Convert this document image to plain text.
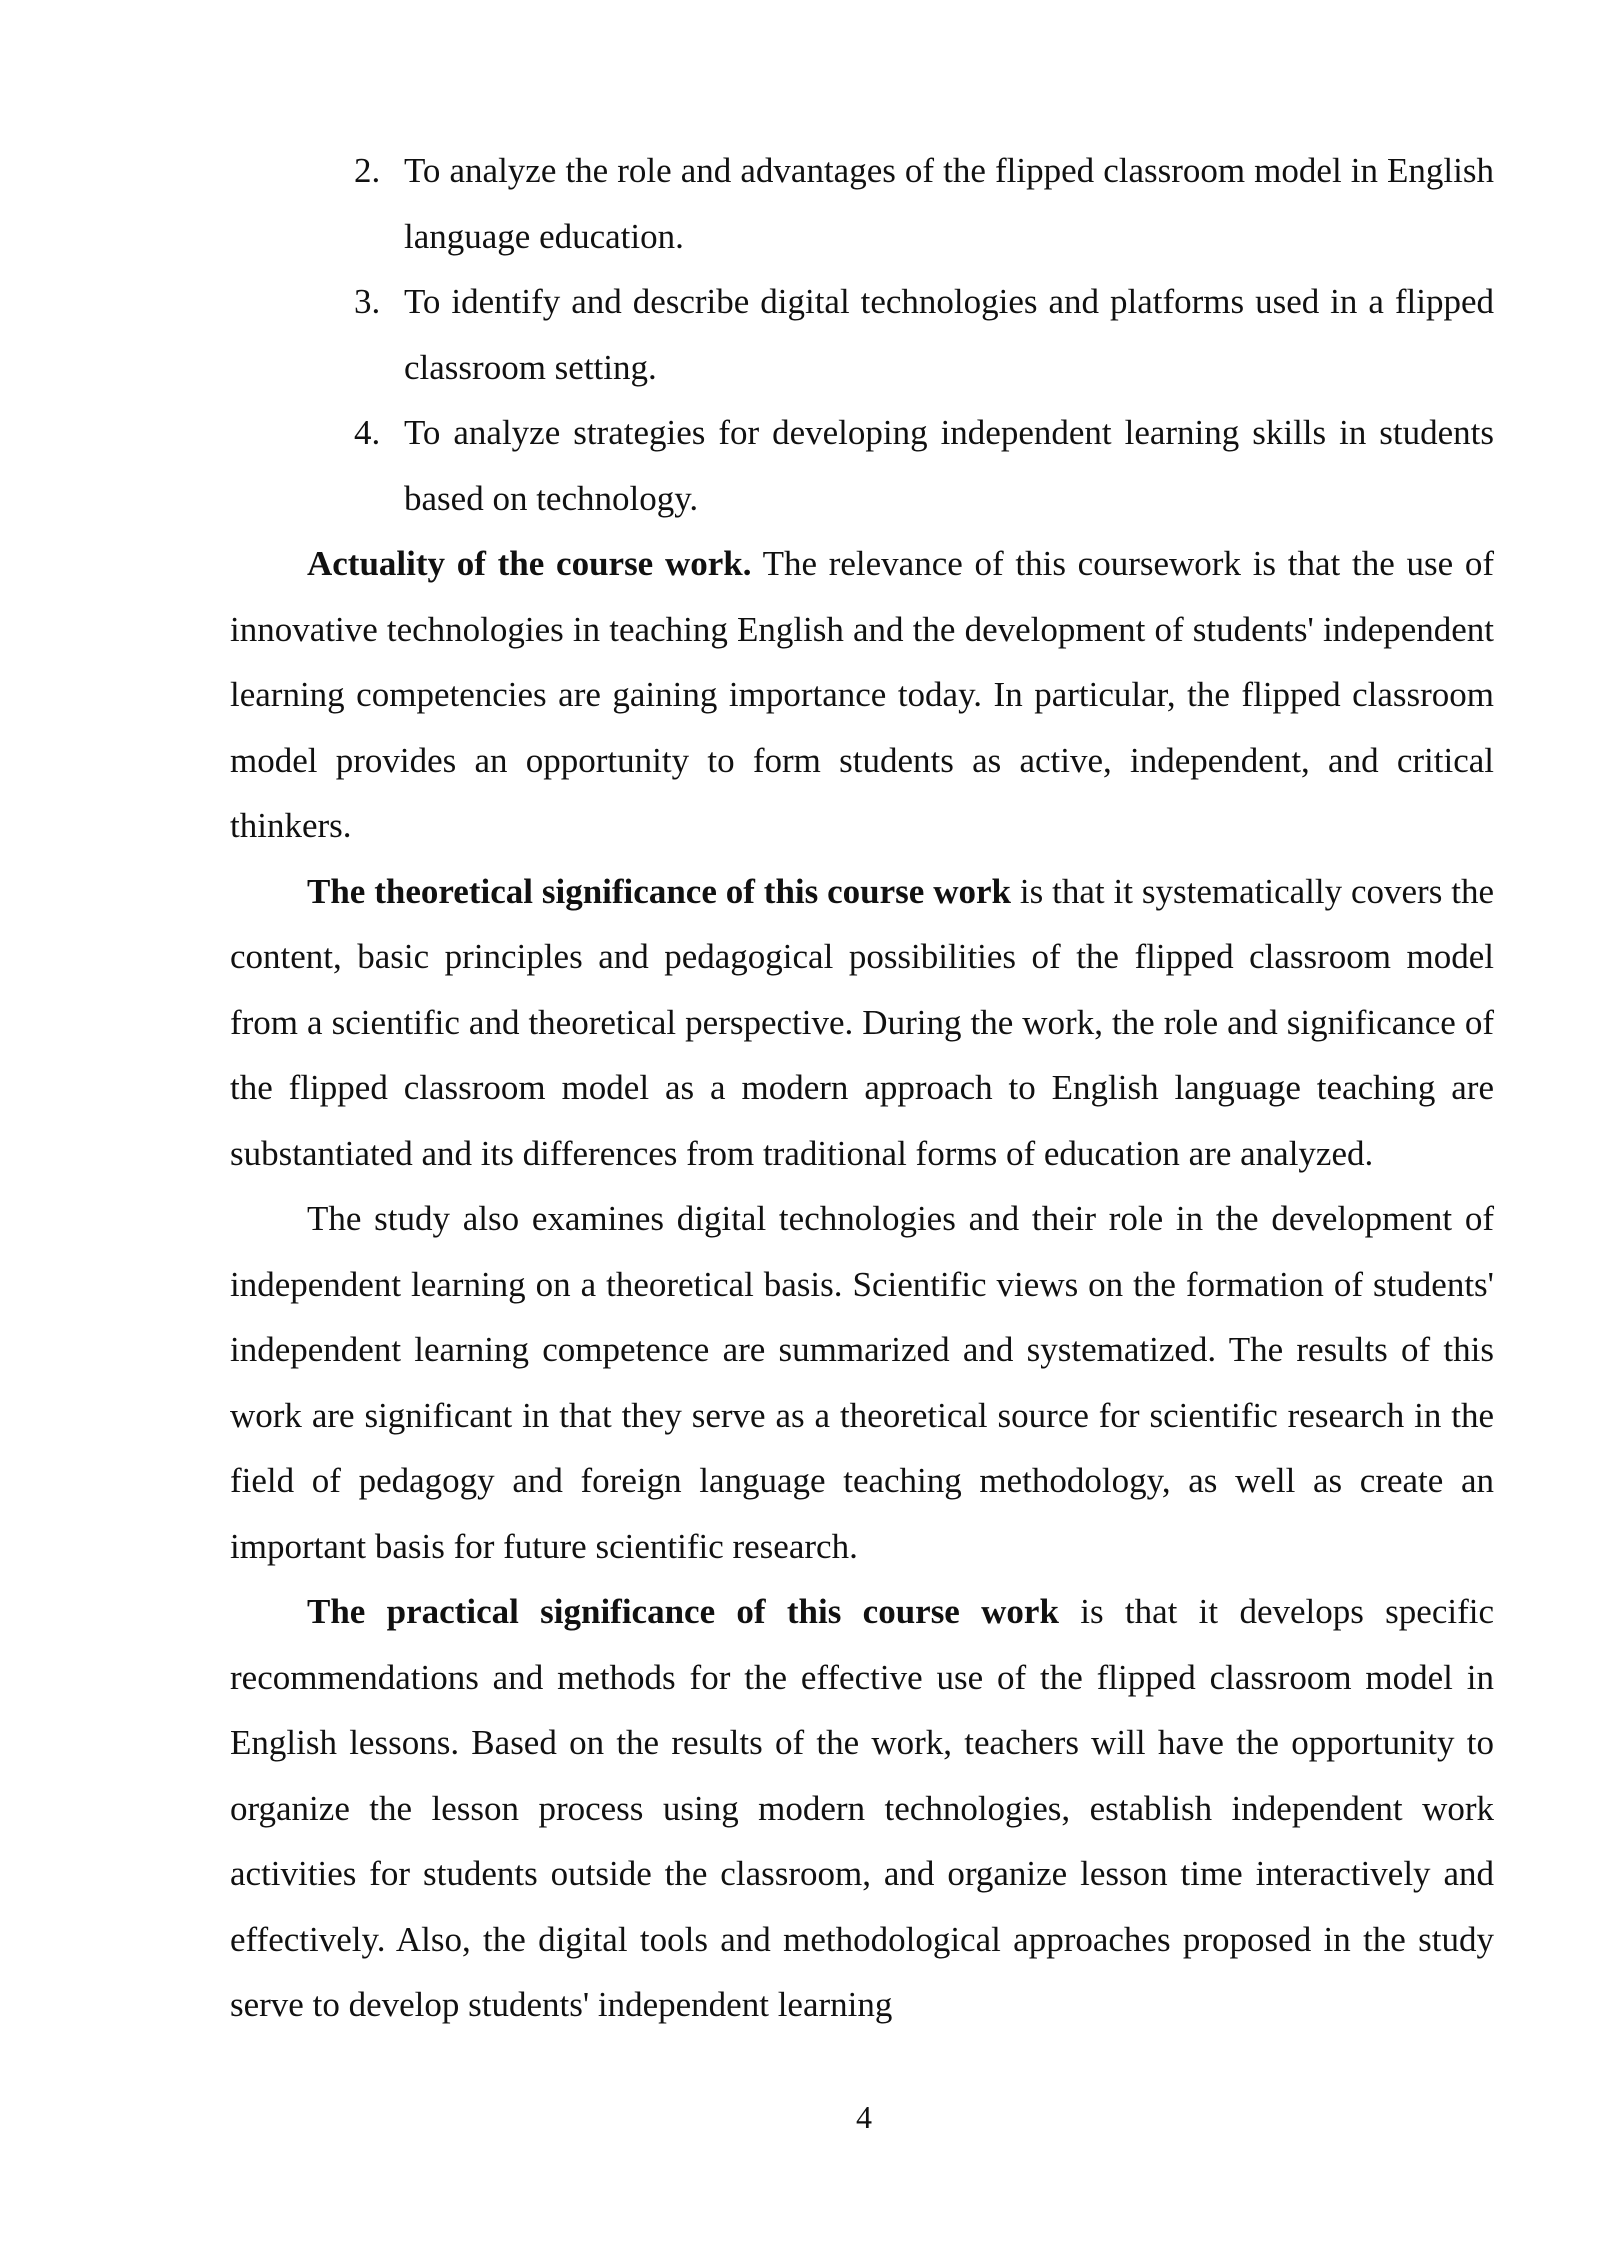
2. To analyze the role and advantages of the flipped classroom model in English language education.
3. To identify and describe digital technologies and platforms used in a flipped classroom setting.
4. To analyze strategies for developing independent learning skills in students based on technology.

Actuality of the course work. The relevance of this coursework is that the use of innovative technologies in teaching English and the development of students' independent learning competencies are gaining importance today. In particular, the flipped classroom model provides an opportunity to form students as active, independent, and critical thinkers.

The theoretical significance of this course work is that it systematically covers the content, basic principles and pedagogical possibilities of the flipped classroom model from a scientific and theoretical perspective. During the work, the role and significance of the flipped classroom model as a modern approach to English language teaching are substantiated and its differences from traditional forms of education are analyzed.

The study also examines digital technologies and their role in the development of independent learning on a theoretical basis. Scientific views on the formation of students' independent learning competence are summarized and systematized. The results of this work are significant in that they serve as a theoretical source for scientific research in the field of pedagogy and foreign language teaching methodology, as well as create an important basis for future scientific research.

The practical significance of this course work is that it develops specific recommendations and methods for the effective use of the flipped classroom model in English lessons. Based on the results of the work, teachers will have the opportunity to organize the lesson process using modern technologies, establish independent work activities for students outside the classroom, and organize lesson time interactively and effectively. Also, the digital tools and methodological approaches proposed in the study serve to develop students' independent learning

4
